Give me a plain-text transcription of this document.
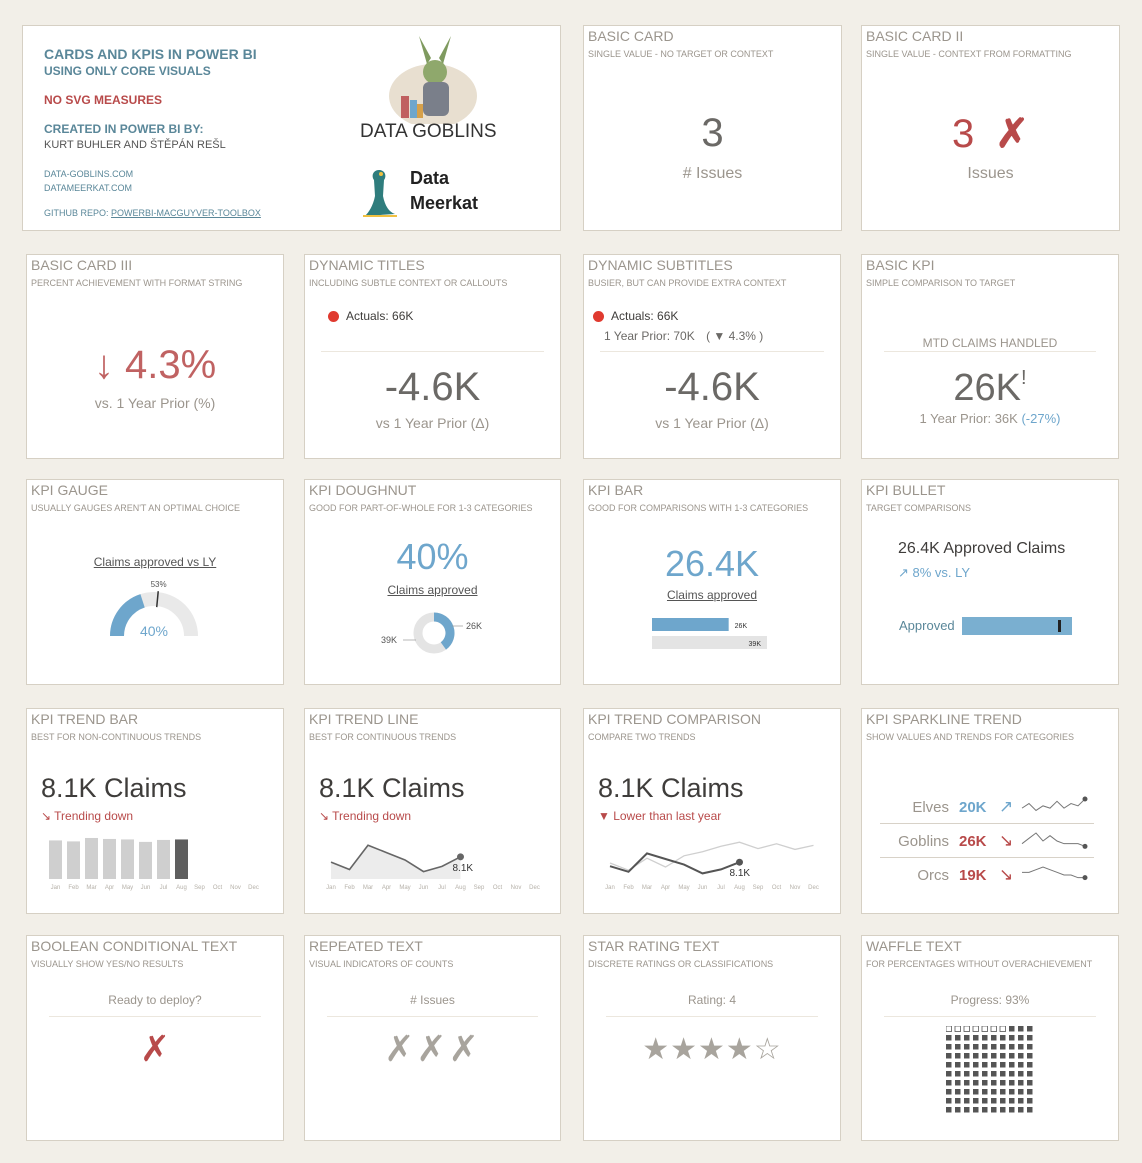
CARDS AND KPIS IN POWER BI
USING ONLY CORE VISUALS
NO SVG MEASURES
CREATED IN POWER BI BY:
KURT BUHLER AND ŠTĚPÁN REŠL
DATA-GOBLINS.COM
DATAMEERKAT.COM
GITHUB REPO: POWERBI-MACGUYVER-TOOLBOX
DATA GOBLINS
Data
Meerkat
BASIC CARD
SINGLE VALUE - NO TARGET OR CONTEXT
3
# Issues
BASIC CARD II
SINGLE VALUE - CONTEXT FROM FORMATTING
3 ✗
Issues
BASIC CARD III
PERCENT ACHIEVEMENT WITH FORMAT STRING
↓ 4.3%
vs. 1 Year Prior (%)
DYNAMIC TITLES
INCLUDING SUBTLE CONTEXT OR CALLOUTS
Actuals: 66K
-4.6K
vs 1 Year Prior (Δ)
DYNAMIC SUBTITLES
BUSIER, BUT CAN PROVIDE EXTRA CONTEXT
Actuals: 66K
1 Year Prior: 70K ( ▼ 4.3% )
-4.6K
vs 1 Year Prior (Δ)
BASIC KPI
SIMPLE COMPARISON TO TARGET
MTD CLAIMS HANDLED
26K!
1 Year Prior: 36K (-27%)
KPI GAUGE
USUALLY GAUGES AREN'T AN OPTIMAL CHOICE
Claims approved vs LY
53%
40%
KPI DOUGHNUT
GOOD FOR PART-OF-WHOLE FOR 1-3 CATEGORIES
40%
Claims approved
26K
39K
KPI BAR
GOOD FOR COMPARISONS WITH 1-3 CATEGORIES
26.4K
Claims approved
26K
39K
KPI BULLET
TARGET COMPARISONS
26.4K Approved Claims
↗ 8% vs. LY
Approved
KPI TREND BAR
BEST FOR NON-CONTINUOUS TRENDS
8.1K Claims
↘ Trending down
Jan Feb Mar Apr May Jun Jul Aug Sep Oct Nov Dec
KPI TREND LINE
BEST FOR CONTINUOUS TRENDS
8.1K Claims
↘ Trending down
8.1K
Jan Feb Mar Apr May Jun Jul Aug Sep Oct Nov Dec
KPI TREND COMPARISON
COMPARE TWO TRENDS
8.1K Claims
▼ Lower than last year
8.1K
Jan Feb Mar Apr May Jun Jul Aug Sep Oct Nov Dec
KPI SPARKLINE TREND
SHOW VALUES AND TRENDS FOR CATEGORIES
Elves 20K ↗
Goblins 26K ↘
Orcs 19K ↘
BOOLEAN CONDITIONAL TEXT
VISUALLY SHOW YES/NO RESULTS
Ready to deploy?
✗
REPEATED TEXT
VISUAL INDICATORS OF COUNTS
# Issues
✗✗✗
STAR RATING TEXT
DISCRETE RATINGS OR CLASSIFICATIONS
Rating: 4
★★★★☆
WAFFLE TEXT
FOR PERCENTAGES WITHOUT OVERACHIEVEMENT
Progress: 93%
